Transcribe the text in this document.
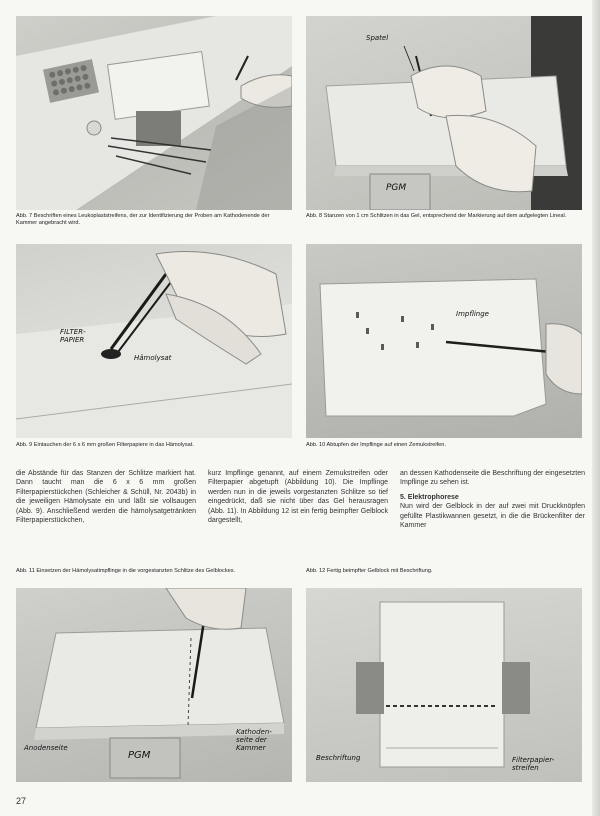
Abb. 7 Beschriften eines Leukoplaststreifens, der zur Identifizierung der Proben am Kathodenende der Kammer angebracht wird.
Spatel
PGM
Abb. 8 Stanzen von 1 cm Schlitzen in das Gel, entsprechend der Markierung auf dem aufgelegten Lineal.
FILTER-
PAPIER
Hämolysat
Abb. 9 Eintauchen der 6 x 6 mm großen Filterpapiere in das Hämolysat.
Impflinge
Abb. 10 Abtupfen der Impflinge auf einen Zemukstreifen.
die Abstände für das Stanzen der Schlitze markiert hat. Dann taucht man die 6 x 6 mm großen Filterpapierstückchen (Schleicher & Schüll, Nr. 2043b) in die jeweiligen Hämolysate ein und läßt sie vollsaugen (Abb. 9). Anschließend werden die hämolysatgetränkten Filterpapierstückchen,
kurz Impflinge genannt, auf einem Zemukstreifen oder Filterpapier abgetupft (Abbildung 10). Die Impflinge werden nun in die jeweils vorgestanzten Schlitze so tief eingedrückt, daß sie nicht über das Gel herausragen (Abb. 11). In Abbildung 12 ist ein fertig beimpfter Gelblock dargestellt,
an dessen Kathodenseite die Beschriftung der eingesetzten Impflinge zu sehen ist.
5. Elektrophorese
Nun wird der Gelblock in der auf zwei mit Druckknöpfen gefüllte Plastikwannen gesetzt, in die die Brückenfilter der Kammer
Abb. 11 Einsetzen der Hämolysatimpflinge in die vorgestanzten Schlitze des Gelblockes.	Abb. 12 Fertig beimpfter Gelblock mit Beschriftung.
PGM
Anodenseite
Kathoden-
seite der
Kammer
Beschriftung	Filterpapier-
streifen
27
